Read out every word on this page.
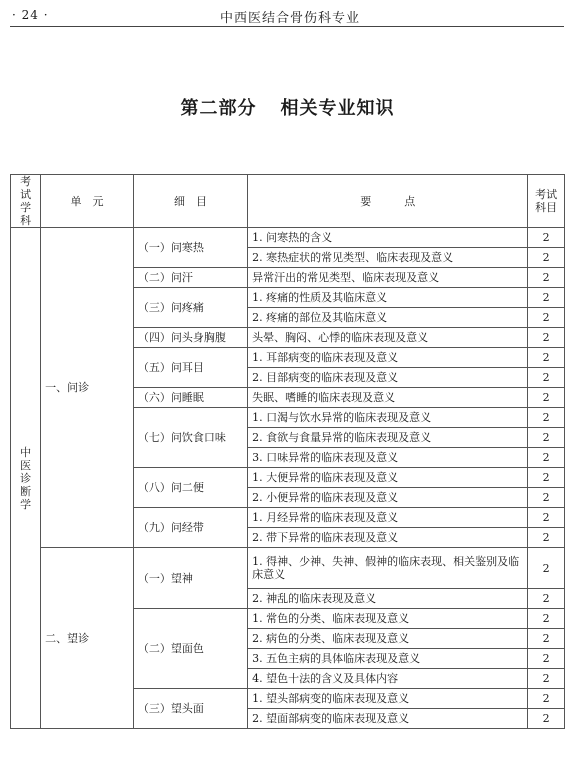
· 24 ·	中西医结合骨伤科专业
第二部分 相关专业知识
考试学科	单　元	细　目	要　　　点	考试科目

中医诊断学	一、问诊	（一）问寒热	1. 问寒热的含义	2
			2. 寒热症状的常见类型、临床表现及意义	2
		（二）问汗	异常汗出的常见类型、临床表现及意义	2
		（三）问疼痛	1. 疼痛的性质及其临床意义	2
			2. 疼痛的部位及其临床意义	2
		（四）问头身胸腹	头晕、胸闷、心悸的临床表现及意义	2
		（五）问耳目	1. 耳部病变的临床表现及意义	2
			2. 目部病变的临床表现及意义	2
		（六）问睡眠	失眠、嗜睡的临床表现及意义	2
		（七）问饮食口味	1. 口渴与饮水异常的临床表现及意义	2
			2. 食欲与食量异常的临床表现及意义	2
			3. 口味异常的临床表现及意义	2
		（八）问二便	1. 大便异常的临床表现及意义	2
			2. 小便异常的临床表现及意义	2
		（九）问经带	1. 月经异常的临床表现及意义	2
			2. 带下异常的临床表现及意义	2
	二、望诊	（一）望神	1. 得神、少神、失神、假神的临床表现、相关鉴别及临床意义	2
			2. 神乱的临床表现及意义	2
		（二）望面色	1. 常色的分类、临床表现及意义	2
			2. 病色的分类、临床表现及意义	2
			3. 五色主病的具体临床表现及意义	2
			4. 望色十法的含义及具体内容	2
		（三）望头面	1. 望头部病变的临床表现及意义	2
			2. 望面部病变的临床表现及意义	2
